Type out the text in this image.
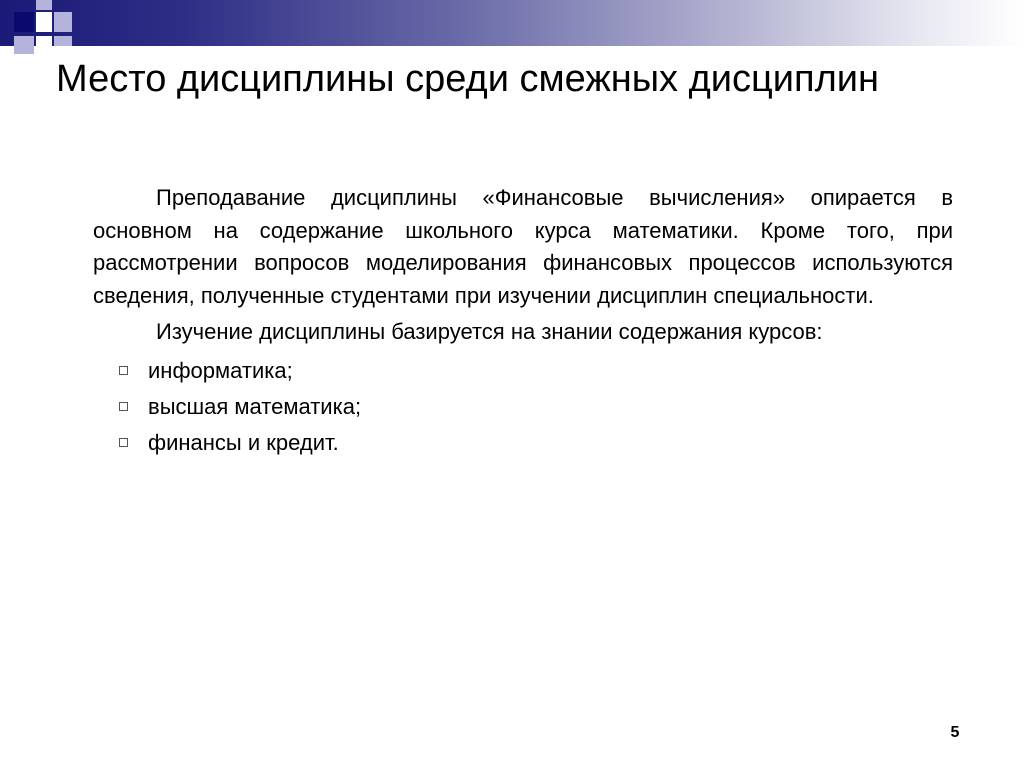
Место дисциплины среди смежных дисциплин

Преподавание дисциплины «Финансовые вычисления» опирается в основном на содержание школьного курса математики. Кроме того, при рассмотрении вопросов моделирования финансовых процессов используются сведения, полученные студентами при изучении дисциплин специальности.

Изучение дисциплины базируется на знании содержания курсов:

информатика;
высшая математика;
финансы и кредит.
5
